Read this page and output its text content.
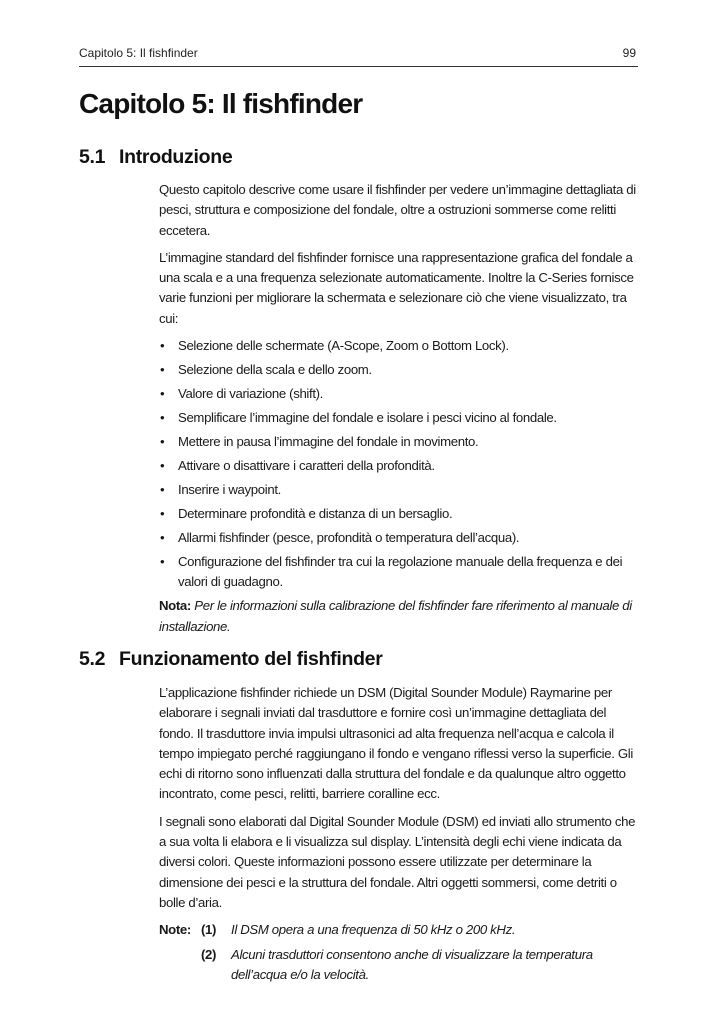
Capitolo 5: Il fishfinder	99
Capitolo 5: Il fishfinder
5.1 Introduzione

Questo capitolo descrive come usare il fishfinder per vedere un’immagine dettagliata di pesci, struttura e composizione del fondale, oltre a ostruzioni sommerse come relitti eccetera.

L’immagine standard del fishfinder fornisce una rappresentazione grafica del fondale a una scala e a una frequenza selezionate automaticamente. Inoltre la C-Series fornisce varie funzioni per migliorare la schermata e selezionare ciò che viene visualizzato, tra cui:

• Selezione delle schermate (A-Scope, Zoom o Bottom Lock).
• Selezione della scala e dello zoom.
• Valore di variazione (shift).
• Semplificare l’immagine del fondale e isolare i pesci vicino al fondale.
• Mettere in pausa l’immagine del fondale in movimento.
• Attivare o disattivare i caratteri della profondità.
• Inserire i waypoint.
• Determinare profondità e distanza di un bersaglio.
• Allarmi fishfinder (pesce, profondità o temperatura dell’acqua).
• Configurazione del fishfinder tra cui la regolazione manuale della frequenza e dei valori di guadagno.
Nota: Per le informazioni sulla calibrazione del fishfinder fare riferimento al manuale di installazione.
5.2 Funzionamento del fishfinder

L’applicazione fishfinder richiede un DSM (Digital Sounder Module) Raymarine per elaborare i segnali inviati dal trasduttore e fornire così un’immagine dettagliata del fondo. Il trasduttore invia impulsi ultrasonici ad alta frequenza nell’acqua e calcola il tempo impiegato perché raggiungano il fondo e vengano riflessi verso la superficie. Gli echi di ritorno sono influenzati dalla struttura del fondale e da qualunque altro oggetto incontrato, come pesci, relitti, barriere coralline ecc.

I segnali sono elaborati dal Digital Sounder Module (DSM) ed inviati allo strumento che a sua volta li elabora e li visualizza sul display. L’intensità degli echi viene indicata da diversi colori. Queste informazioni possono essere utilizzate per determinare la dimensione dei pesci e la struttura del fondale. Altri oggetti sommersi, come detriti o bolle d’aria.

Note: (1) Il DSM opera a una frequenza di 50 kHz o 200 kHz.
(2) Alcuni trasduttori consentono anche di visualizzare la temperatura dell’acqua e/o la velocità.
